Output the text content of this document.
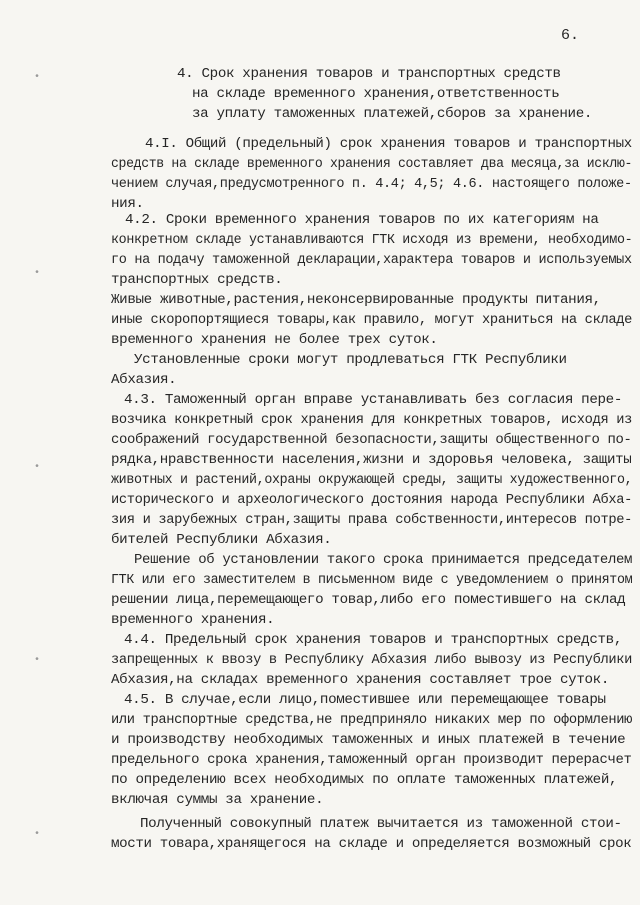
6.
4. Срок хранения товаров и транспортных средств
на складе временного хранения,ответственность
за уплату таможенных платежей,сборов за хранение.
4.I. Общий (предельный) срок хранения товаров и транспортных
средств на складе временного хранения составляет два месяца,за исклю-
чением случая,предусмотренного п. 4.4; 4,5; 4.6. настоящего положе-
ния.
4.2. Сроки временного хранения товаров по их категориям на
конкретном складе устанавливаются ГТК исходя из времени, необходимо-
го на подачу таможенной декларации,характера товаров и используемых
транспортных средств.
Живые животные,растения,неконсервированные продукты питания,
иные скоропортящиеся товары,как правило, могут храниться на складе
временного хранения не более трех суток.
Установленные сроки могут продлеваться ГТК Республики
Абхазия.
4.3. Таможенный орган вправе устанавливать без согласия пере-
возчика конкретный срок хранения для конкретных товаров, исходя из
соображений государственной безопасности,защиты общественного по-
рядка,нравственности населения,жизни и здоровья человека, защиты
животных и растений,охраны окружающей среды, защиты художественного,
исторического и археологического достояния народа Республики Абха-
зия и зарубежных стран,защиты права собственности,интересов потре-
бителей Республики Абхазия.
Решение об установлении такого срока принимается председателем
ГТК или его заместителем в письменном виде с уведомлением о принятом
решении лица,перемещающего товар,либо его поместившего на склад
временного хранения.
4.4. Предельный срок хранения товаров и транспортных средств,
запрещенных к ввозу в Республику Абхазия либо вывозу из Республики
Абхазия,на складах временного хранения составляет трое суток.
4.5. В случае,если лицо,поместившее или перемещающее товары
или транспортные средства,не предприняло никаких мер по оформлению
и производству необходимых таможенных и иных платежей в течение
предельного срока хранения,таможенный орган производит перерасчет
по определению всех необходимых по оплате таможенных платежей,
включая суммы за хранение.
Полученный совокупный платеж вычитается из таможенной стои-
мости товара,хранящегося на складе и определяется возможный срок
•
•
•
•
•
